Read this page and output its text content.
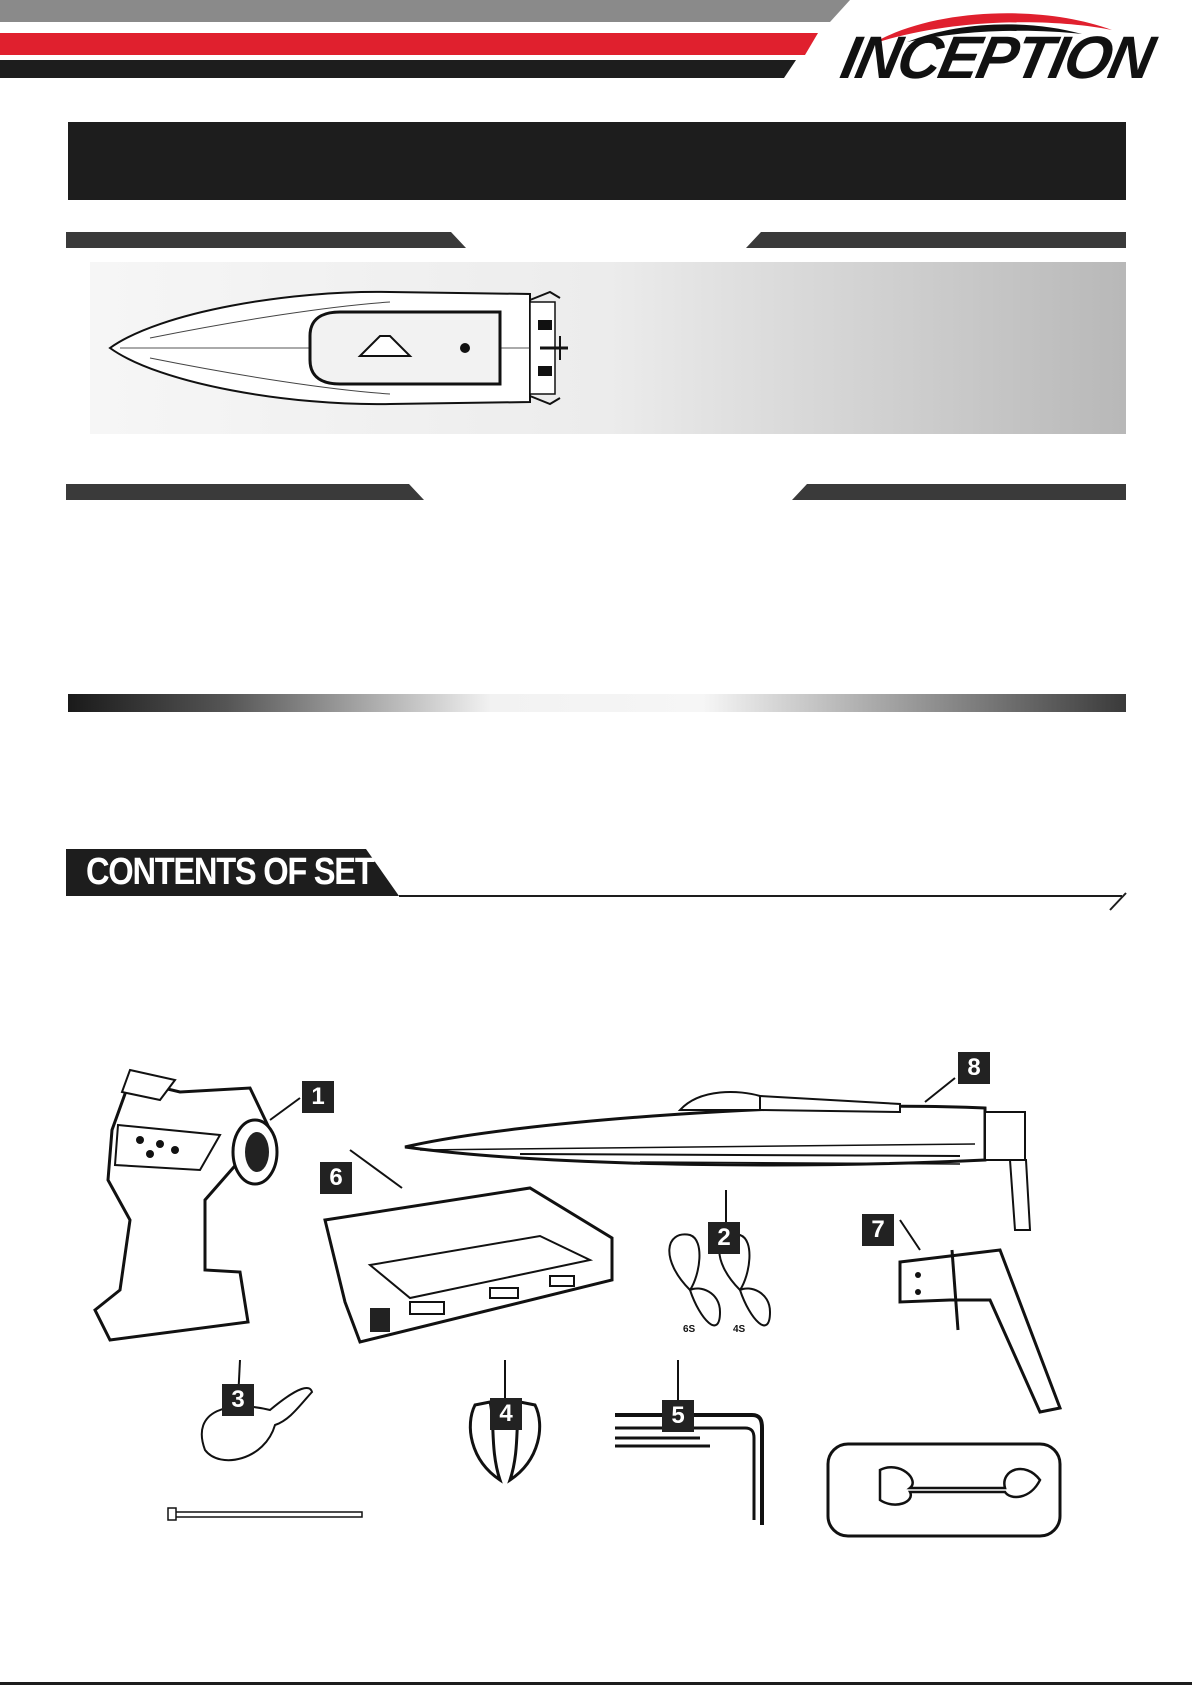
INCEPTION
CONTENTS OF SET
6S	4S
1
2
3
4	5
6
7
8
